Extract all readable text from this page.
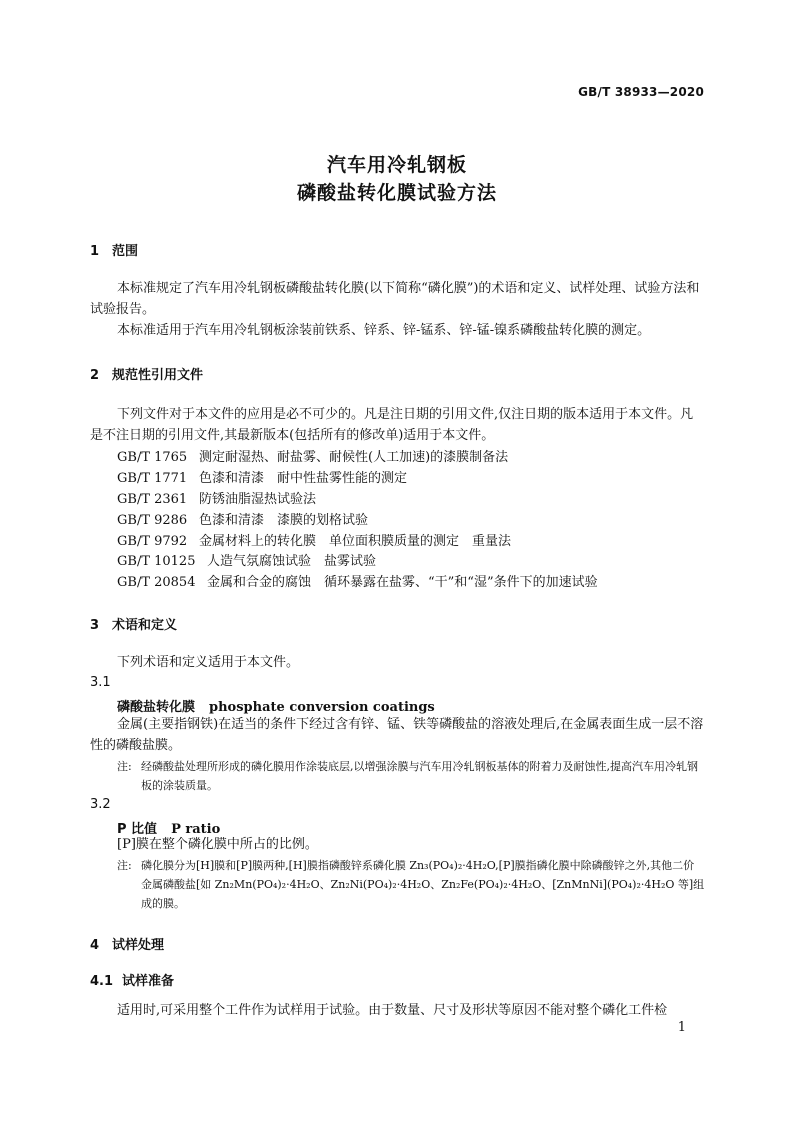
GB/T 38933—2020
汽车用冷轧钢板
磷酸盐转化膜试验方法
1 范围
本标准规定了汽车用冷轧钢板磷酸盐转化膜(以下简称“磷化膜”)的术语和定义、试样处理、试验方法和试验报告。
本标准适用于汽车用冷轧钢板涂装前铁系、锌系、锌-锰系、锌-锰-镍系磷酸盐转化膜的测定。
2 规范性引用文件
下列文件对于本文件的应用是必不可少的。凡是注日期的引用文件,仅注日期的版本适用于本文件。凡是不注日期的引用文件,其最新版本(包括所有的修改单)适用于本文件。
GB/T 1765 测定耐湿热、耐盐雾、耐候性(人工加速)的漆膜制备法
GB/T 1771 色漆和清漆　耐中性盐雾性能的测定
GB/T 2361 防锈油脂湿热试验法
GB/T 9286 色漆和清漆　漆膜的划格试验
GB/T 9792 金属材料上的转化膜　单位面积膜质量的测定　重量法
GB/T 10125 人造气氛腐蚀试验　盐雾试验
GB/T 20854 金属和合金的腐蚀　循环暴露在盐雾、“干”和“湿”条件下的加速试验
3 术语和定义
下列术语和定义适用于本文件。
3.1
磷酸盐转化膜 phosphate conversion coatings
金属(主要指钢铁)在适当的条件下经过含有锌、锰、铁等磷酸盐的溶液处理后,在金属表面生成一层不溶性的磷酸盐膜。
注: 经磷酸盐处理所形成的磷化膜用作涂装底层,以增强涂膜与汽车用冷轧钢板基体的附着力及耐蚀性,提高汽车用冷轧钢板的涂装质量。
3.2
P 比值 P ratio
[P]膜在整个磷化膜中所占的比例。
注: 磷化膜分为[H]膜和[P]膜两种,[H]膜指磷酸锌系磷化膜 Zn₃(PO₄)₂·4H₂O,[P]膜指磷化膜中除磷酸锌之外,其他二价金属磷酸盐[如 Zn₂Mn(PO₄)₂·4H₂O、Zn₂Ni(PO₄)₂·4H₂O、Zn₂Fe(PO₄)₂·4H₂O、[ZnMnNi](PO₄)₂·4H₂O 等]组成的膜。
4 试样处理
4.1 试样准备
适用时,可采用整个工件作为试样用于试验。由于数量、尺寸及形状等原因不能对整个磷化工件检
1
